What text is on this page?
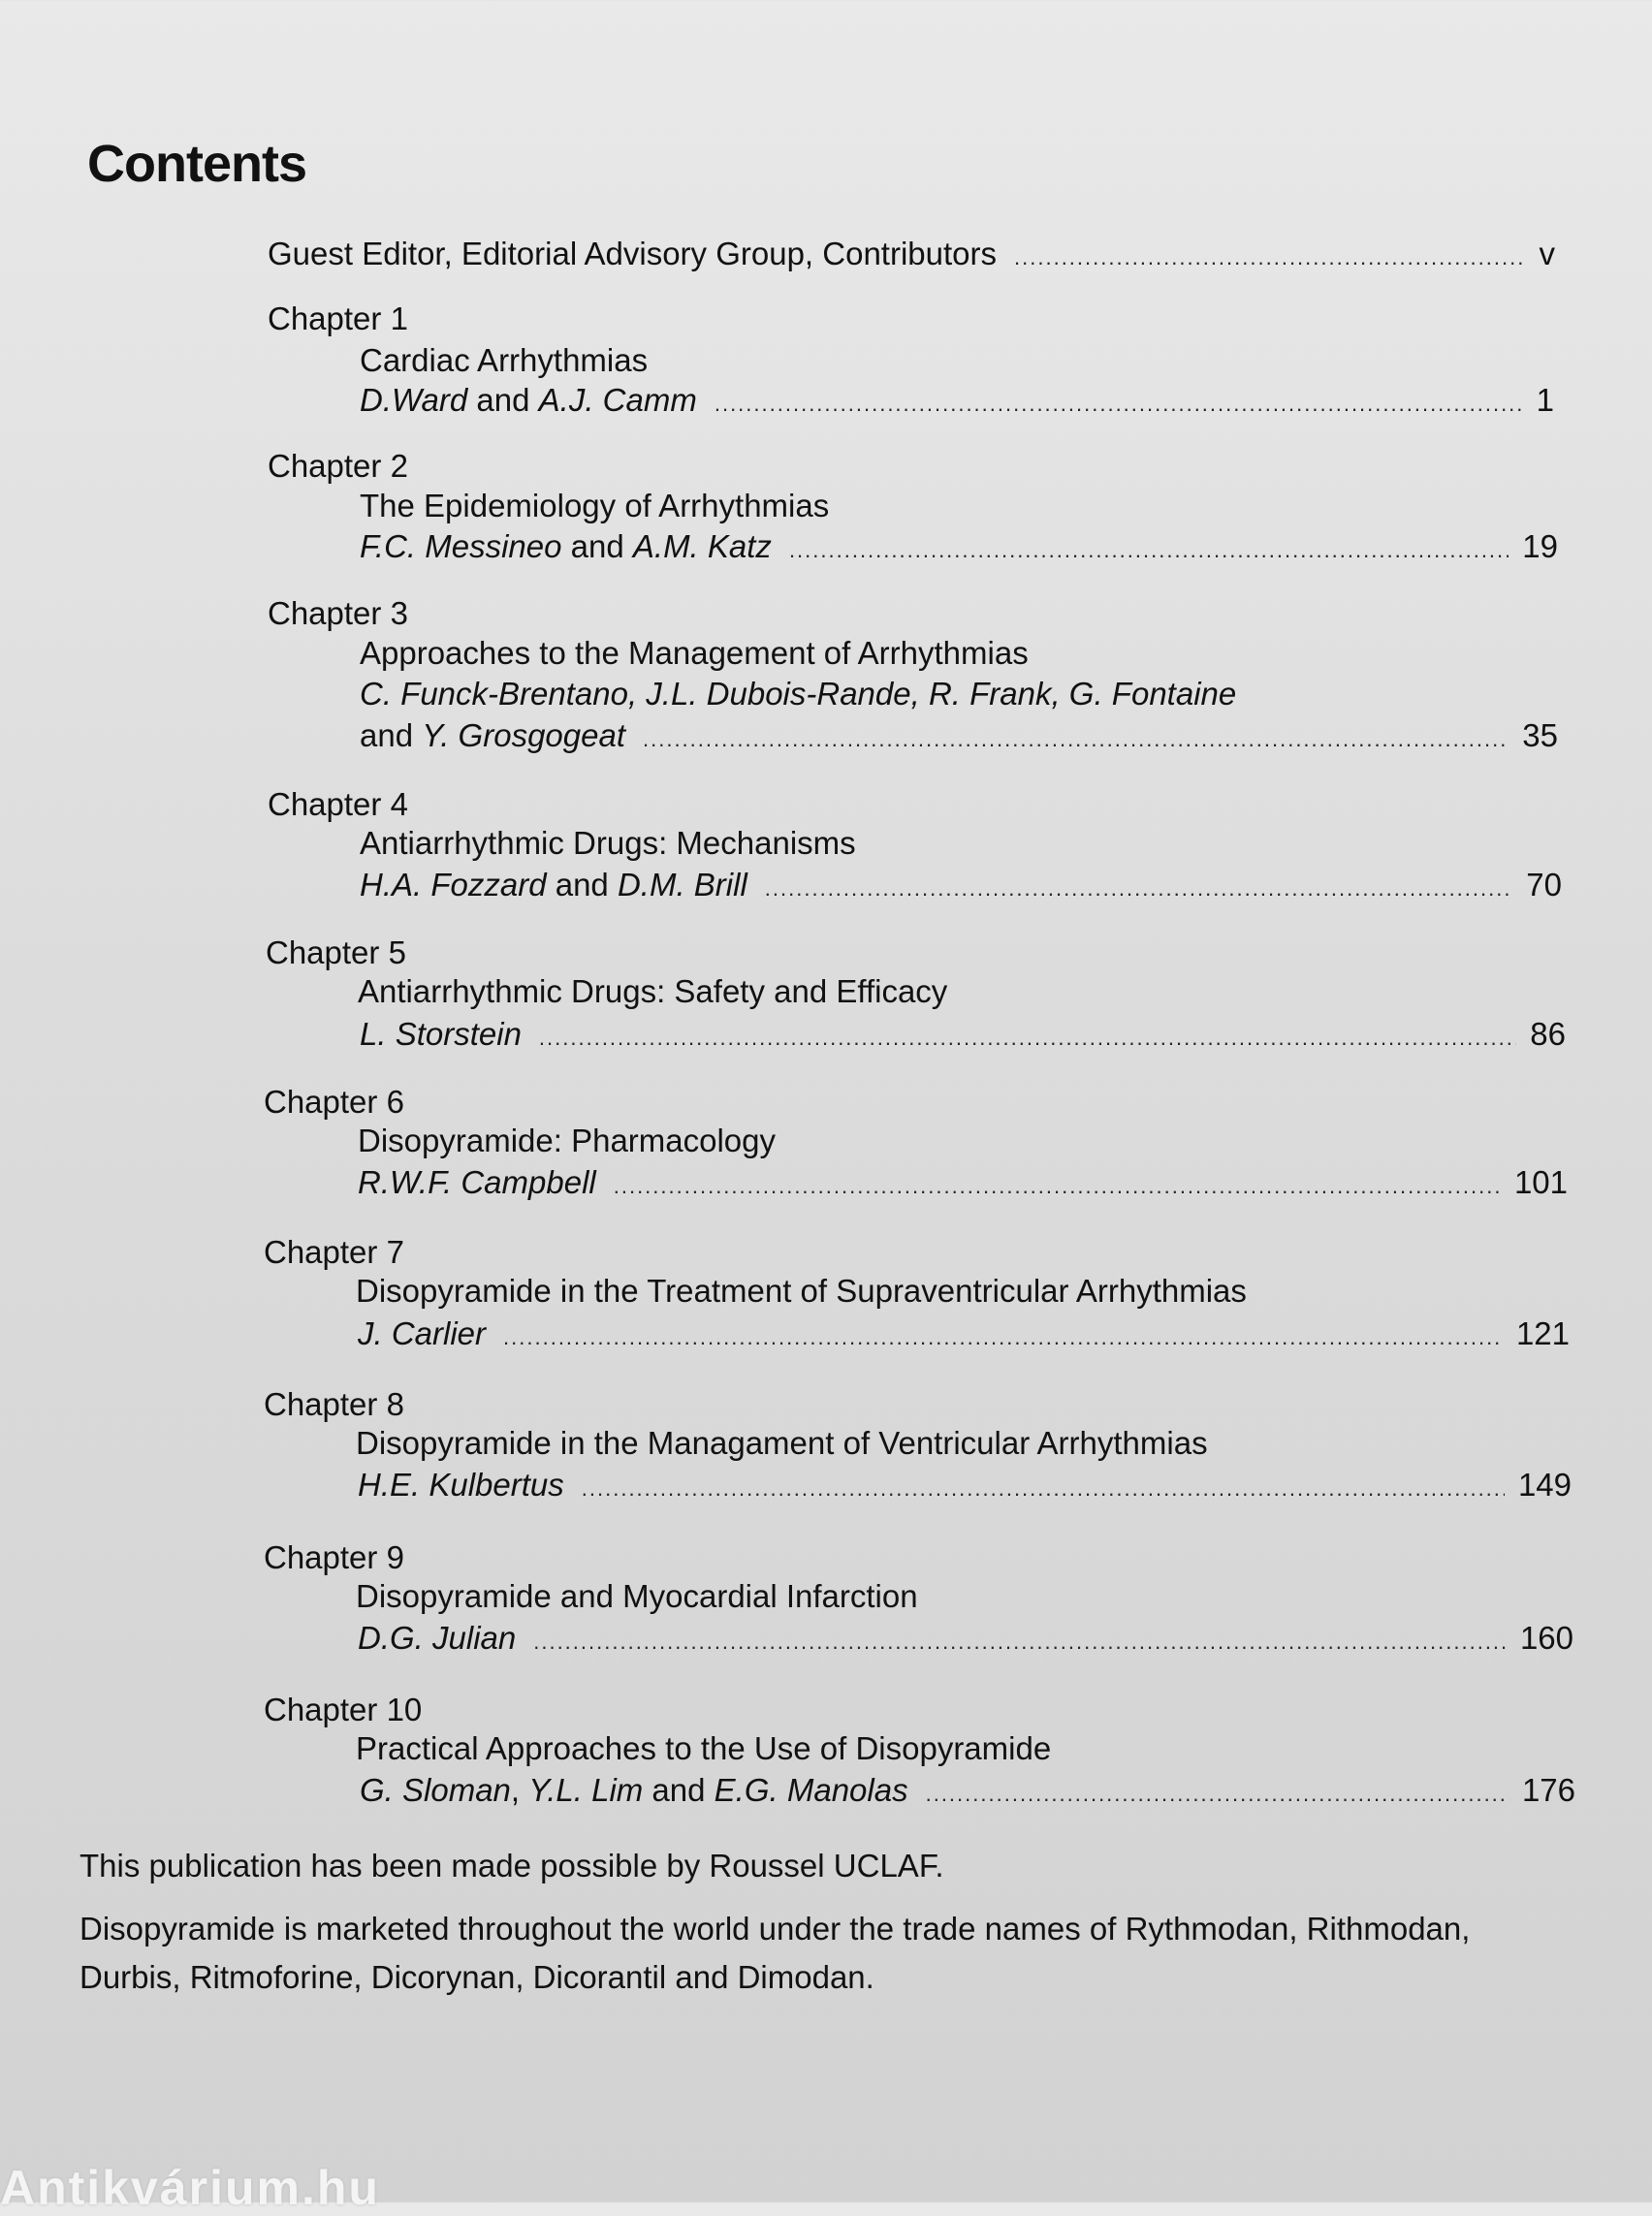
Contents
Guest Editor, Editorial Advisory Group, Contributors .....	v
Chapter 1
Cardiac Arrhythmias
D.Ward and A.J. Camm .....	1
Chapter 2
The Epidemiology of Arrhythmias
F.C. Messineo and A.M. Katz .....	19
Chapter 3
Approaches to the Management of Arrhythmias
C. Funck-Brentano, J.L. Dubois-Rande, R. Frank, G. Fontaine
and Y. Grosgogeat .....	35
Chapter 4
Antiarrhythmic Drugs: Mechanisms
H.A. Fozzard and D.M. Brill .....	70
Chapter 5
Antiarrhythmic Drugs: Safety and Efficacy
L. Storstein .....	86
Chapter 6
Disopyramide: Pharmacology
R.W.F. Campbell .....	101
Chapter 7
Disopyramide in the Treatment of Supraventricular Arrhythmias
J. Carlier .....	121
Chapter 8
Disopyramide in the Managament of Ventricular Arrhythmias
H.E. Kulbertus .....	149
Chapter 9
Disopyramide and Myocardial Infarction
D.G. Julian .....	160
Chapter 10
Practical Approaches to the Use of Disopyramide
G. Sloman, Y.L. Lim and E.G. Manolas .....	176
This publication has been made possible by Roussel UCLAF.
Disopyramide is marketed throughout the world under the trade names of Rythmodan, Rithmodan,
Durbis, Ritmoforine, Dicorynan, Dicorantil and Dimodan.
Antikvárium.hu
